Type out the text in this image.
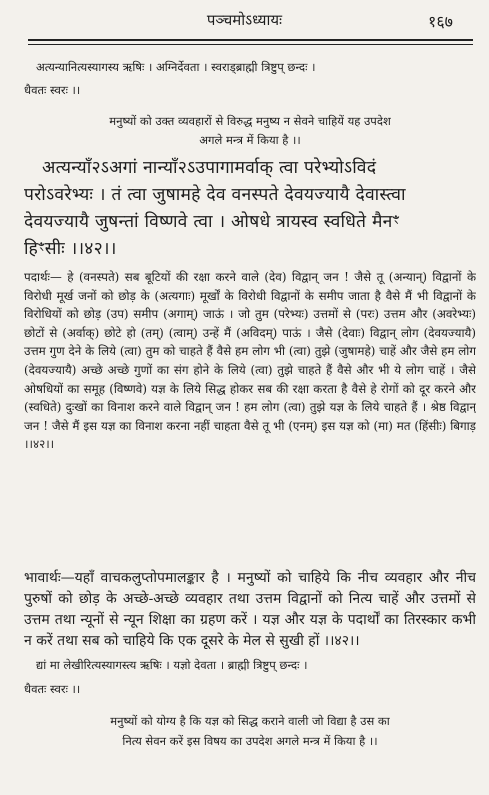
पञ्चमोऽध्यायः	१६७
अत्यन्यानित्यस्यागस्य ऋषिः । अग्निर्देवता । स्वराड्ब्राह्मी त्रिष्टुप् छन्दः ।
धैवतः स्वरः ।।
मनुष्यों को उक्त व्यवहारों से विरुद्ध मनुष्य न सेवने चाहियें यह उपदेश
अगले मन्त्र में किया है ।।
अत्यन्याँ२ऽअगां नान्याँ२ऽउपागामर्वाक् त्वा परेभ्योऽविदं
परोऽवरेभ्यः । तं त्वा जुषामहे देव वनस्पते देवयज्यायै देवास्त्वा
देवयज्यायै जुषन्तां विष्णवे त्वा । ओषधे त्रायस्व स्वधिते मैनꣳ
हिꣳसीः ।।४२।।
पदार्थः— हे (वनस्पते) सब बूटियों की रक्षा करने वाले (देव) विद्वान् जन ! जैसे तू (अन्यान्) विद्वानों के विरोधी मूर्ख जनों को छोड़ के (अत्यगाः) मूर्खों के विरोधी विद्वानों के समीप जाता है वैसे मैं भी विद्वानों के विरोधियों को छोड़ (उप) समीप (अगाम्) जाऊं । जो तुम (परेभ्यः) उत्तमों से (परः) उत्तम और (अवरेभ्यः) छोटों से (अर्वाक्) छोटे हो (तम्) (त्वाम्) उन्हें मैं (अविदम्) पाऊं । जैसे (देवाः) विद्वान् लोग (देवयज्यायै) उत्तम गुण देने के लिये (त्वा) तुम को चाहते हैं वैसे हम लोग भी (त्वा) तुझे (जुषामहे) चाहें और जैसे हम लोग (देवयज्यायै) अच्छे अच्छे गुणों का संग होने के लिये (त्वा) तुझे चाहते हैं वैसे और भी ये लोग चाहें । जैसे ओषधियों का समूह (विष्णवे) यज्ञ के लिये सिद्ध होकर सब की रक्षा करता है वैसे हे रोगों को दूर करने और (स्वधिते) दुःखों का विनाश करने वाले विद्वान् जन ! हम लोग (त्वा) तुझे यज्ञ के लिये चाहते हैं । श्रेष्ठ विद्वान् जन ! जैसे मैं इस यज्ञ का विनाश करना नहीं चाहता वैसे तू भी (एनम्) इस यज्ञ को (मा) मत (हिंसीः) बिगाड़ ।।४२।।
भावार्थः—यहाँ वाचकलुप्तोपमालङ्कार है । मनुष्यों को चाहिये कि नीच व्यवहार और नीच पुरुषों को छोड़ के अच्छे-अच्छे व्यवहार तथा उत्तम विद्वानों को नित्य चाहें और उत्तमों से उत्तम तथा न्यूनों से न्यून शिक्षा का ग्रहण करें । यज्ञ और यज्ञ के पदार्थों का तिरस्कार कभी न करें तथा सब को चाहिये कि एक दूसरे के मेल से सुखी हों ।।४२।।
द्यां मा लेखीरित्यस्यागस्त्य ऋषिः । यज्ञो देवता । ब्राह्मी त्रिष्टुप् छन्दः ।
धैवतः स्वरः ।।
मनुष्यों को योग्य है कि यज्ञ को सिद्ध कराने वाली जो विद्या है उस का
नित्य सेवन करें इस विषय का उपदेश अगले मन्त्र में किया है ।।
